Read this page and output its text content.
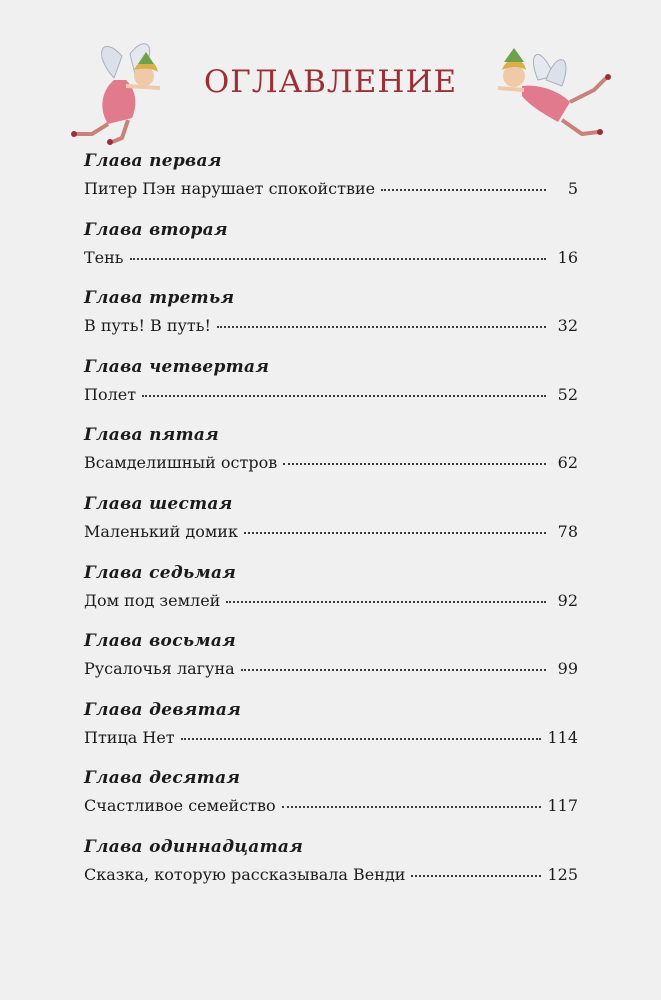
ОГЛАВЛЕНИЕ
Глава первая
Питер Пэн нарушает спокойствие	5
Глава вторая
Тень	16
Глава третья
В путь! В путь!	32
Глава четвертая
Полет	52
Глава пятая
Всамделишный остров	62
Глава шестая
Маленький домик	78
Глава седьмая
Дом под землей	92
Глава восьмая
Русалочья лагуна	99
Глава девятая
Птица Нет	114
Глава десятая
Счастливое семейство	117
Глава одиннадцатая
Сказка, которую рассказывала Венди	125
